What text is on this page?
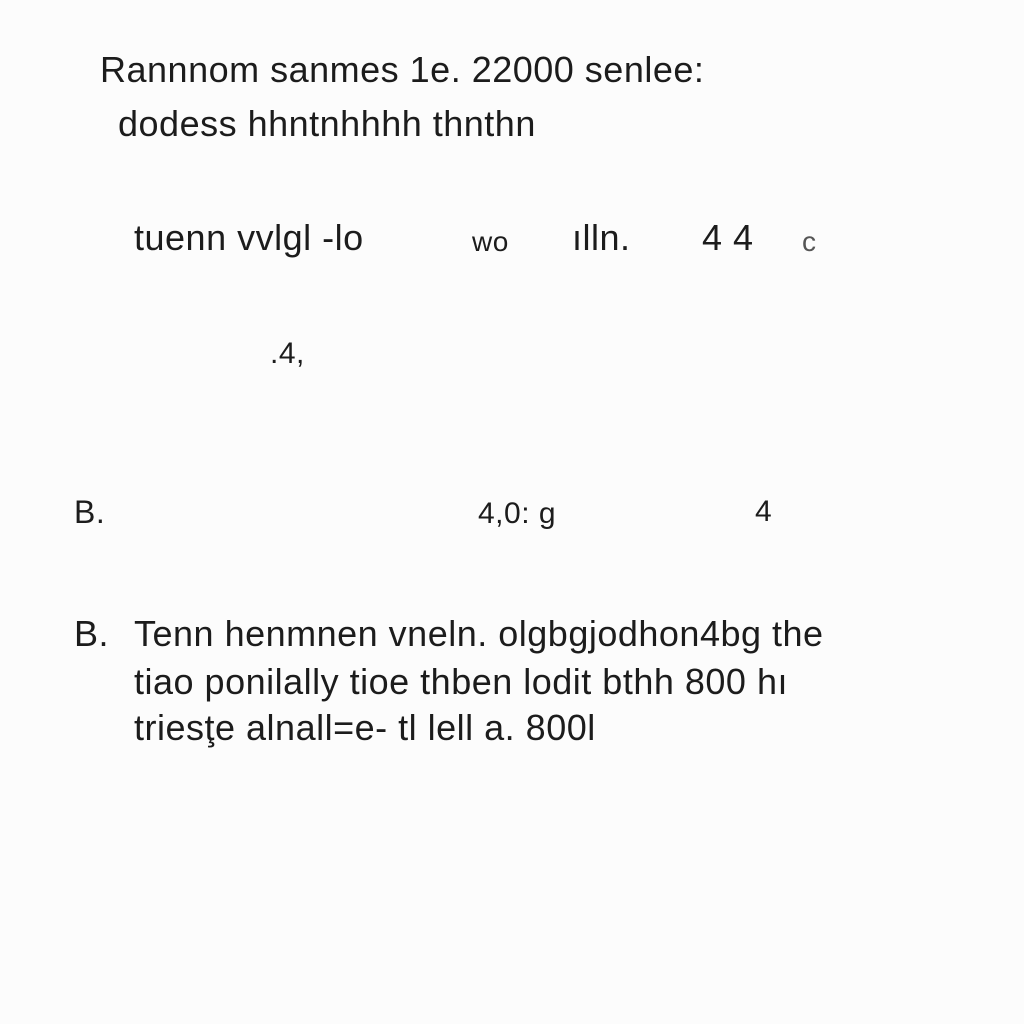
Rannnom sanmes 1e. 22000 senlee:
dodess hhntnhhhh thnthn
tuenn vvlgl -lo	wo ılln. 4 4 c
.4,
B.	4,0: g	4
B. Tenn henmnen vneln. olgbgjodhon4bg the
tiao ponilally tioe thben lodit bthh 800 hı
triesţe alnall=e- tl lell a. 800l
